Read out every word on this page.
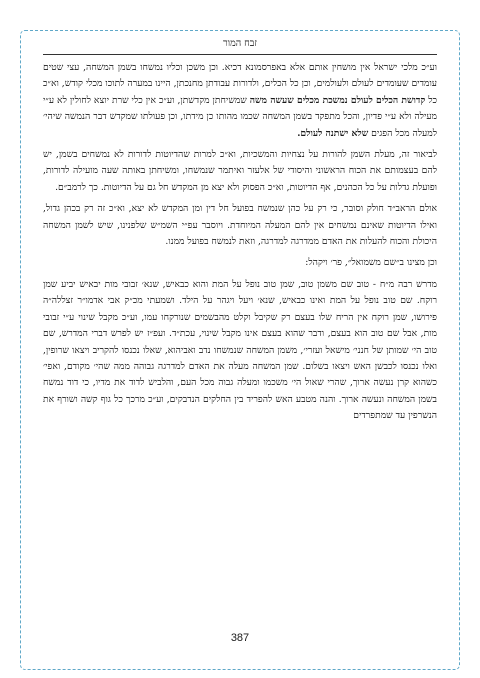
זבח המור

וע״כ מלכי ישראל אין מושחין אותם אלא באפרסמונא דכיא. וכן משכן וכליו נמשחו בשמן המשחה, עצי שטים עומדים שעומדים לעולם ולעולמים, וכן כל הכלים, ולדורות עבודתן מחנכתן, היינו במערה לתוכו מכלי קודש, וא״כ כל קדושת הכלים לעולם נמשכת מכלים שעשה משה שמשיחתן מקדשתן, וע״כ אין כלי שרת יוצא לחולין לא ע״י מעילה ולא ע״י פדיון, והכל מתפקד בשמן המשחה שכמו מהותו כן מידתו, וכן פעולתו שמקדש דבר הנמשה שיהי׳ למעלה מכל הפגים שלא ישתנה לעולם.

לביאור זה, מעלת השמן להורות על נצחיות והמשכיות, וא״כ למרות שהדיוטות לדורות לא נמשחים בשמן, יש להם בעצמותם את הכוח הראשוני והיסודי של אלעזר ואיתמר שנמשחו, ומשיחתן באותה שעה מועילה לדורות, ופועלת גדלות על כל הכהנים, אף הדיוטות, וא״כ הפסוק ולא יצא מן המקדש חל גם על הדיוטות. כך לרמב״ם.

אולם הראב״ד חולק וסובר, כי רק על כהן שנמשח בפועל חל דין ומן המקדש לא יצא, וא״כ זה רק בכהן גדול, ואילו הדיוטות שאינם נמשחים אין להם המעלה המיוחדת. ויוסבר עפ״י השמ״ש שלפנינו, שיש לשמן המשחה היכולת והכוח להעלות את האדם ממדרגה למדרגה, וזאת לנמשח בפועל ממנו.

וכן מצינו ב״שם משמואל״, פר׳ ויקהל:

מדרש רבה מ״ח - טוב שם משמן טוב, שמן טוב נופל על המת והוא כבאיש, שנא׳ זבובי מות יבאיש יביע שמן רוקח. שם טוב נופל על המת ואינו כבאיש, שנא׳ ויעל ויגהר על הילד. ושמעתי מכ״ק אבי אדמו״ר זצללה״ה פירושו, שמן רוקח אין הריח שלו בעצם רק שקיבל וקלט מהבשמים שנורקחו עמו, וע״כ מקבל שינוי ע״י זבובי מות, אבל שם טוב הוא בעצם, ודבר שהוא בעצם אינו מקבל שינוי, עכת״ד. ועפ״ז יש לפרש דברי המדרש, שם טוב הי׳ שמותן של חנני׳ מישאל ועזרי׳, משמן המשחה שנמשחו נדב ואביהוא, שאלו נכנסו להקריב ויצאו שרופין, ואלו נכנסו לכבשן האש ויצאו בשלום. שמן המשחה מעלה את האדם למדרגה גבוהה ממה שהי׳ מקודם, ואפי׳ כשהוא קרן נעשה ארוך, שהרי שאול הי׳ משכמו ומעלה גבוה מכל העם, והלביש לדוד את מדיו, כי דוד נמשח בשמן המשחה ונעשה ארוך. והנה מטבע האש להפריד בין החלקים הנדבקים, וע״כ מרכך כל גוף קשה ושורף את הנשרפין עד שמתפרדים

387
